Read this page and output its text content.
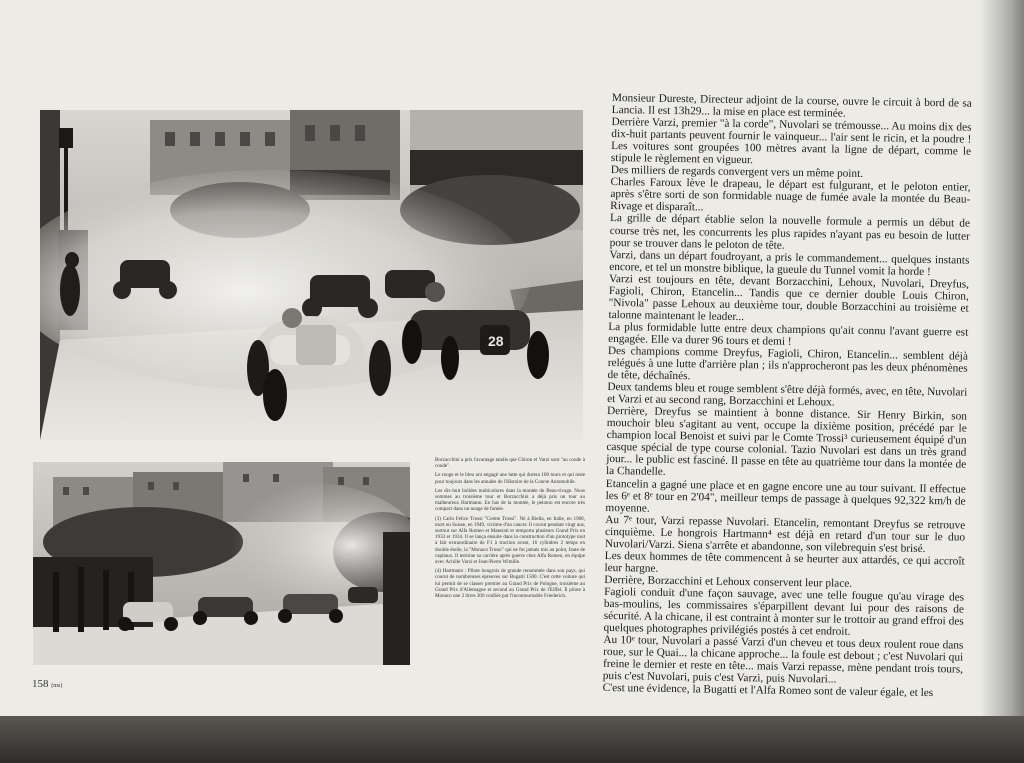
28

Borzacchini a pris l'avantage tandis que Chiron et Varzi sont "au coude à coude".

Le rouge et le bleu ont engagé une lutte qui durera 100 tours et qui reste pour toujours dans les annales de l'Histoire de la Course Automobile.

Les dix-huit bolides multicolores dans la montée du Beau-rivage. Nous sommes au troisième tour et Borzacchini a déjà pris un tour au malheureux Hartmann. En bas de la montée, le peloton est encore très compact dans un nuage de fumée.

(3) Carlo Felice Trossi "Comte Trossi". Né à Biella, en Italie, en 1908, mort en Suisse, en 1949, victime d'un cancer. Il courut pendant vingt ans, surtout sur Alfa Romeo et Maserati et remporta plusieurs Grand Prix en 1933 et 1934. Il se lança ensuite dans la construction d'un prototype tout à fait extraordinaire de F1 à traction avant, 16 cylindres 2 temps en double étoile, la "Monaco Trossi" qui ne fut jamais mis au point, faute de capitaux. Il termine sa carrière après guerre chez Alfa Romeo, en équipe avec Achille Varzi et Jean-Pierre Wimille.

(4) Hartmann : Pilote hongrois de grande renommée dans son pays, qui courut de nombreuses épreuves sur Bugatti 1500. C'est cette voiture qui lui permit de se classer premier au Grand Prix de Pologne, troisième au Grand Prix d'Allemagne et second au Grand Prix de l'Eiffel. Il pilote à Monaco une 2 litres 300 confiée par l'incontournable Friederich.

Monsieur Dureste, Directeur adjoint de la course, ouvre le circuit à bord de sa Lancia. Il est 13h29... la mise en place est terminée.

Derrière Varzi, premier "à la corde", Nuvolari se trémousse... Au moins dix des dix-huit partants peuvent fournir le vainqueur... l'air sent le ricin, et la poudre ! Les voitures sont groupées 100 mètres avant la ligne de départ, comme le stipule le règlement en vigueur.

Des milliers de regards convergent vers un même point.

Charles Faroux lève le drapeau, le départ est fulgurant, et le peloton entier, après s'être sorti de son formidable nuage de fumée avale la montée du Beau-Rivage et disparaît...

La grille de départ établie selon la nouvelle formule a permis un début de course très net, les concurrents les plus rapides n'ayant pas eu besoin de lutter pour se trouver dans le peloton de tête.

Varzi, dans un départ foudroyant, a pris le commandement... quelques instants encore, et tel un monstre biblique, la gueule du Tunnel vomit la horde !

Varzi est toujours en tête, devant Borzacchini, Lehoux, Nuvolari, Dreyfus, Fagioli, Chiron, Etancelin... Tandis que ce dernier double Louis Chiron, "Nivola" passe Lehoux au deuxième tour, double Borzacchini au troisième et talonne maintenant le leader...

La plus formidable lutte entre deux champions qu'ait connu l'avant guerre est engagée. Elle va durer 96 tours et demi !

Des champions comme Dreyfus, Fagioli, Chiron, Etancelin... semblent déjà relégués à une lutte d'arrière plan ; ils n'approcheront pas les deux phénomènes de tête, déchaînés.

Deux tandems bleu et rouge semblent s'être déjà formés, avec, en tête, Nuvolari et Varzi et au second rang, Borzacchini et Lehoux.

Derrière, Dreyfus se maintient à bonne distance. Sir Henry Birkin, son mouchoir bleu s'agitant au vent, occupe la dixième position, précédé par le champion local Benoist et suivi par le Comte Trossi³ curieusement équipé d'un casque spécial de type course colonial. Tazio Nuvolari est dans un très grand jour... le public est fasciné. Il passe en tête au quatrième tour dans la montée de la Chandelle.

Etancelin a gagné une place et en gagne encore une au tour suivant. Il effectue les 6ᵉ et 8ᵉ tour en 2'04", meilleur temps de passage à quelques 92,322 km/h de moyenne.

Au 7ᵉ tour, Varzi repasse Nuvolari. Etancelin, remontant Dreyfus se retrouve cinquième. Le hongrois Hartmann⁴ est déjà en retard d'un tour sur le duo Nuvolari/Varzi. Siena s'arrête et abandonne, son vilebrequin s'est brisé.

Les deux hommes de tête commencent à se heurter aux attardés, ce qui accroît leur hargne.

Derrière, Borzacchini et Lehoux conservent leur place.

Fagioli conduit d'une façon sauvage, avec une telle fougue qu'au virage des bas-moulins, les commissaires s'éparpillent devant lui pour des raisons de sécurité. A la chicane, il est contraint à monter sur le trottoir au grand effroi des quelques photographes privilégiés postés à cet endroit.

Au 10ᵉ tour, Nuvolari a passé Varzi d'un cheveu et tous deux roulent roue dans roue, sur le Quai... la chicane approche... la foule est debout ; c'est Nuvolari qui freine le dernier et reste en tête... mais Varzi repasse, mène pendant trois tours, puis c'est Nuvolari, puis c'est Varzi, puis Nuvolari...

C'est une évidence, la Bugatti et l'Alfa Romeo sont de valeur égale, et les

158 (ms)
